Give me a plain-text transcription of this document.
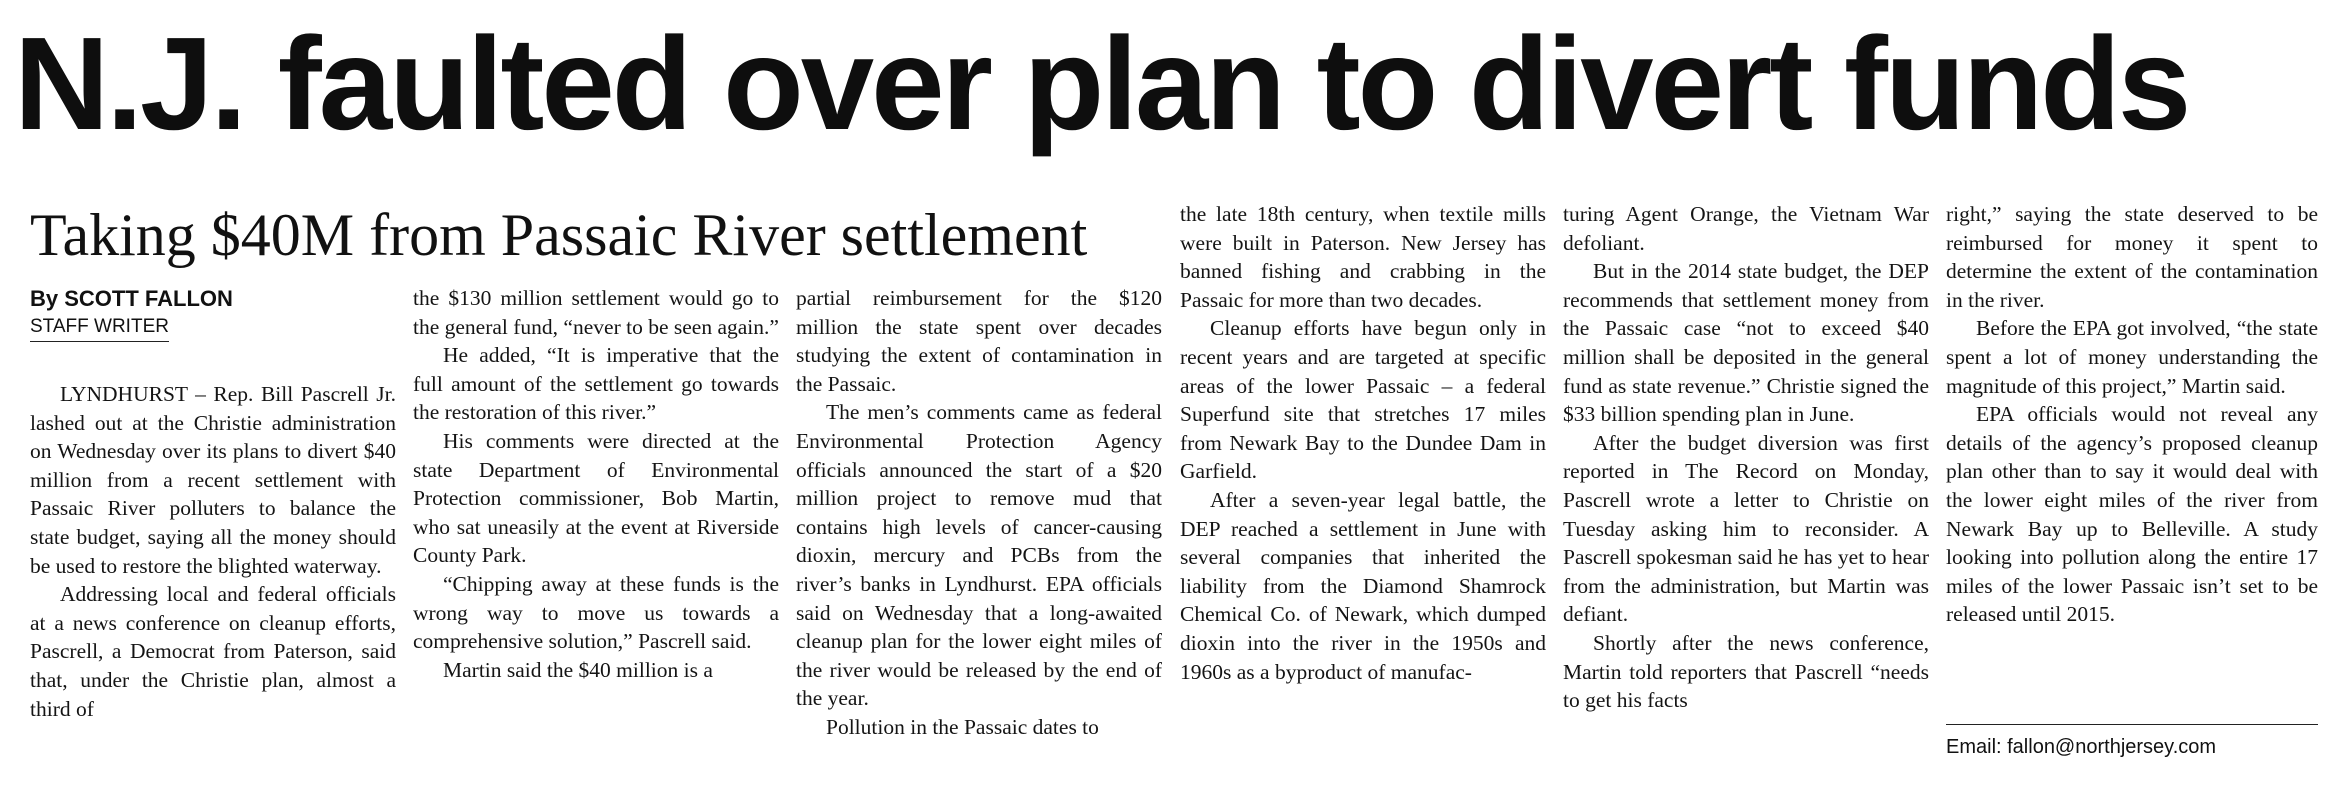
N.J. faulted over plan to divert funds
Taking $40M from Passaic River settlement
By SCOTT FALLON
STAFF WRITER

LYNDHURST – Rep. Bill Pascrell Jr. lashed out at the Christie administration on Wednesday over its plans to divert $40 million from a recent settlement with Passaic River polluters to balance the state budget, saying all the money should be used to restore the blighted waterway.

Addressing local and federal officials at a news conference on cleanup efforts, Pascrell, a Democrat from Paterson, said that, under the Christie plan, almost a third of

the $130 million settlement would go to the general fund, “never to be seen again.”

He added, “It is imperative that the full amount of the settlement go towards the restoration of this river.”

His comments were directed at the state Department of Environmental Protection commissioner, Bob Martin, who sat uneasily at the event at Riverside County Park.

“Chipping away at these funds is the wrong way to move us towards a comprehensive solution,” Pascrell said.

Martin said the $40 million is a

partial reimbursement for the $120 million the state spent over decades studying the extent of contamination in the Passaic.

The men’s comments came as federal Environmental Protection Agency officials announced the start of a $20 million project to remove mud that contains high levels of cancer-causing dioxin, mercury and PCBs from the river’s banks in Lyndhurst. EPA officials said on Wednesday that a long-awaited cleanup plan for the lower eight miles of the river would be released by the end of the year.

Pollution in the Passaic dates to

the late 18th century, when textile mills were built in Paterson. New Jersey has banned fishing and crabbing in the Passaic for more than two decades.

Cleanup efforts have begun only in recent years and are targeted at specific areas of the lower Passaic – a federal Superfund site that stretches 17 miles from Newark Bay to the Dundee Dam in Garfield.

After a seven-year legal battle, the DEP reached a settlement in June with several companies that inherited the liability from the Diamond Shamrock Chemical Co. of Newark, which dumped dioxin into the river in the 1950s and 1960s as a byproduct of manufac-

turing Agent Orange, the Vietnam War defoliant.

But in the 2014 state budget, the DEP recommends that settlement money from the Passaic case “not to exceed $40 million shall be deposited in the general fund as state revenue.” Christie signed the $33 billion spending plan in June.

After the budget diversion was first reported in The Record on Monday, Pascrell wrote a letter to Christie on Tuesday asking him to reconsider. A Pascrell spokesman said he has yet to hear from the administration, but Martin was defiant.

Shortly after the news conference, Martin told reporters that Pascrell “needs to get his facts

right,” saying the state deserved to be reimbursed for money it spent to determine the extent of the contamination in the river.

Before the EPA got involved, “the state spent a lot of money understanding the magnitude of this project,” Martin said.

EPA officials would not reveal any details of the agency’s proposed cleanup plan other than to say it would deal with the lower eight miles of the river from Newark Bay up to Belleville. A study looking into pollution along the entire 17 miles of the lower Passaic isn’t set to be released until 2015.

Email: fallon@northjersey.com
